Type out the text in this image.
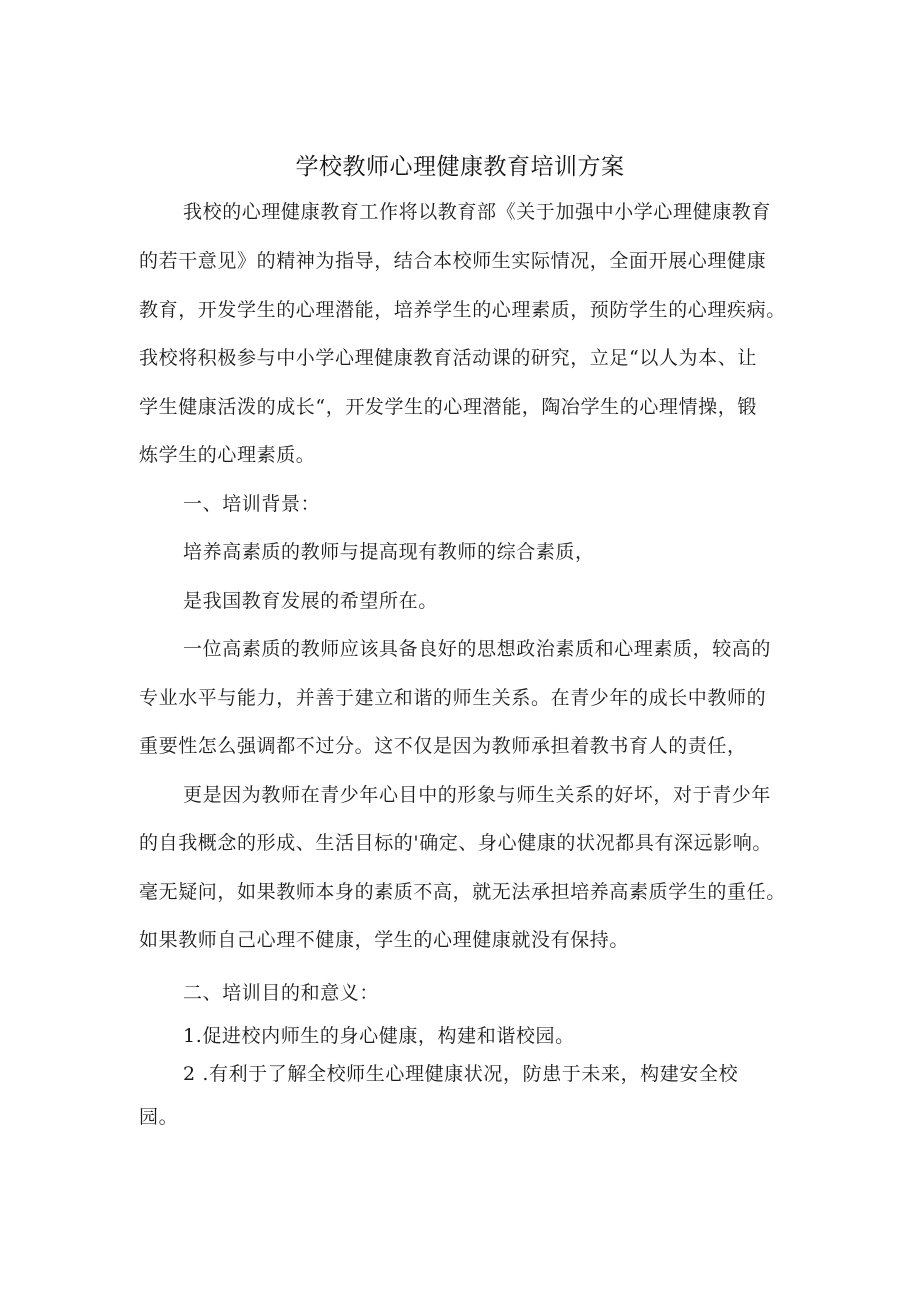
学校教师心理健康教育培训方案
我校的心理健康教育工作将以教育部《关于加强中小学心理健康教育
的若干意见》的精神为指导，结合本校师生实际情况，全面开展心理健康
教育，开发学生的心理潜能，培养学生的心理素质，预防学生的心理疾病。
我校将积极参与中小学心理健康教育活动课的研究，立足“以人为本、让
学生健康活泼的成长“，开发学生的心理潜能，陶冶学生的心理情操，锻
炼学生的心理素质。
一、培训背景：
培养高素质的教师与提高现有教师的综合素质，
是我国教育发展的希望所在。
一位高素质的教师应该具备良好的思想政治素质和心理素质，较高的
专业水平与能力，并善于建立和谐的师生关系。在青少年的成长中教师的
重要性怎么强调都不过分。这不仅是因为教师承担着教书育人的责任，
更是因为教师在青少年心目中的形象与师生关系的好坏，对于青少年
的自我概念的形成、生活目标的'确定、身心健康的状况都具有深远影响。
毫无疑问，如果教师本身的素质不高，就无法承担培养高素质学生的重任。
如果教师自己心理不健康，学生的心理健康就没有保持。
二、培训目的和意义：
1.促进校内师生的身心健康，构建和谐校园。
2 .有利于了解全校师生心理健康状况，防患于未来，构建安全校
园。
